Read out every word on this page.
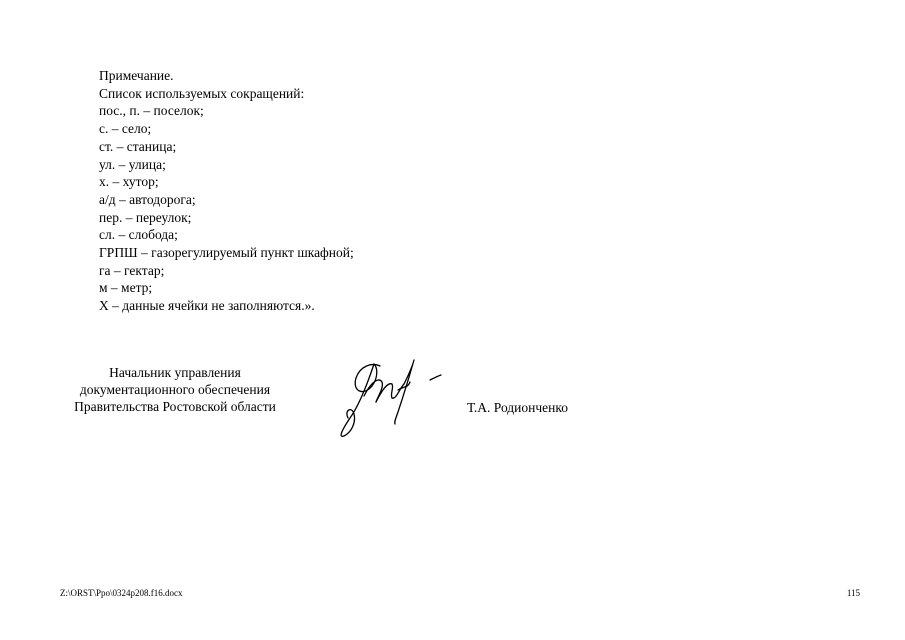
Примечание.

Список используемых сокращений:

пос., п. – поселок;

с. – село;

ст. – станица;

ул. – улица;

х. – хутор;

а/д – автодорога;

пер. – переулок;

сл. – слобода;

ГРПШ – газорегулируемый пункт шкафной;

га – гектар;

м – метр;

Х – данные ячейки не заполняются.».

Начальник управления
документационного обеспечения
Правительства Ростовской области	Т.А. Родионченко
Z:\ORST\Ppo\0324p208.f16.docx	115
